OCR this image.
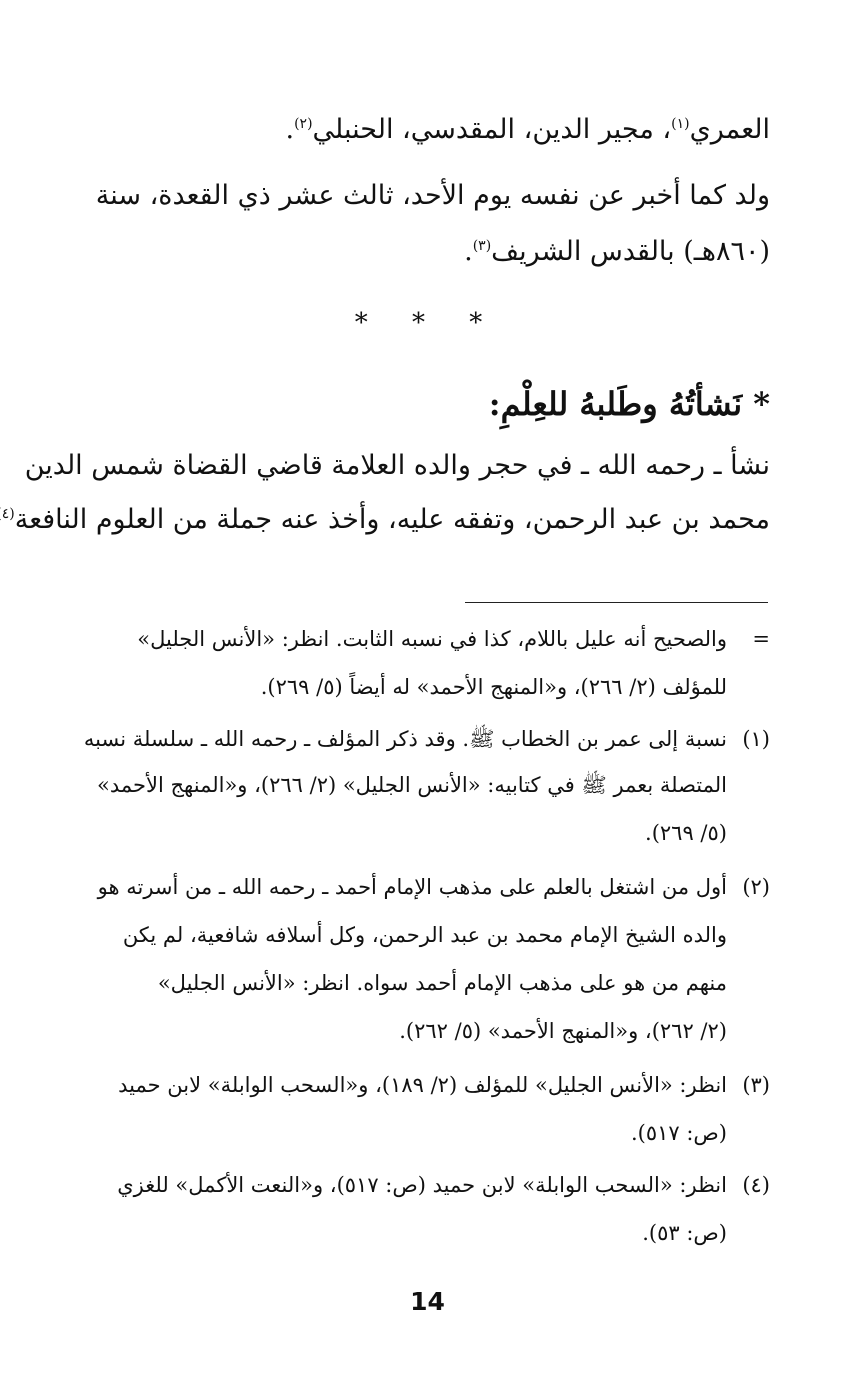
العمري$^{(١)}$، مجير الدين، المقدسي، الحنبلي$^{(٢)}$.
ولد كما أخبر عن نفسه يوم الأحد، ثالث عشر ذي القعدة، سنة
(٨٦٠هـ) بالقدس الشريف$^{(٣)}$.
* * *
* نَشأتُهُ وطَلبهُ للعِلْمِ:
نشأ ـ رحمه الله ـ في حجر والده العلامة قاضي القضاة شمس الدين
محمد بن عبد الرحمن، وتفقه عليه، وأخذ عنه جملة من العلوم النافعة$^{(٤}$
=
والصحيح أنه عليل باللام، كذا في نسبه الثابت. انظر: «الأنس الجليل»
للمؤلف (٢/ ٢٦٦)، و«المنهج الأحمد» له أيضاً (٥/ ٢٦٩).
(١)
نسبة إلى عمر بن الخطاب ﷺ. وقد ذكر المؤلف ـ رحمه الله ـ سلسلة نسبه
المتصلة بعمر ﷺ في كتابيه: «الأنس الجليل» (٢/ ٢٦٦)، و«المنهج الأحمد»
(٥/ ٢٦٩).
(٢)
أول من اشتغل بالعلم على مذهب الإمام أحمد ـ رحمه الله ـ من أسرته هو
والده الشيخ الإمام محمد بن عبد الرحمن، وكل أسلافه شافعية، لم يكن
منهم من هو على مذهب الإمام أحمد سواه. انظر: «الأنس الجليل»
(٢/ ٢٦٢)، و«المنهج الأحمد» (٥/ ٢٦٢).
(٣)
انظر: «الأنس الجليل» للمؤلف (٢/ ١٨٩)، و«السحب الوابلة» لابن حميد
(ص: ٥١٧).
(٤)
انظر: «السحب الوابلة» لابن حميد (ص: ٥١٧)، و«النعت الأكمل» للغزي
(ص: ٥٣).
14
